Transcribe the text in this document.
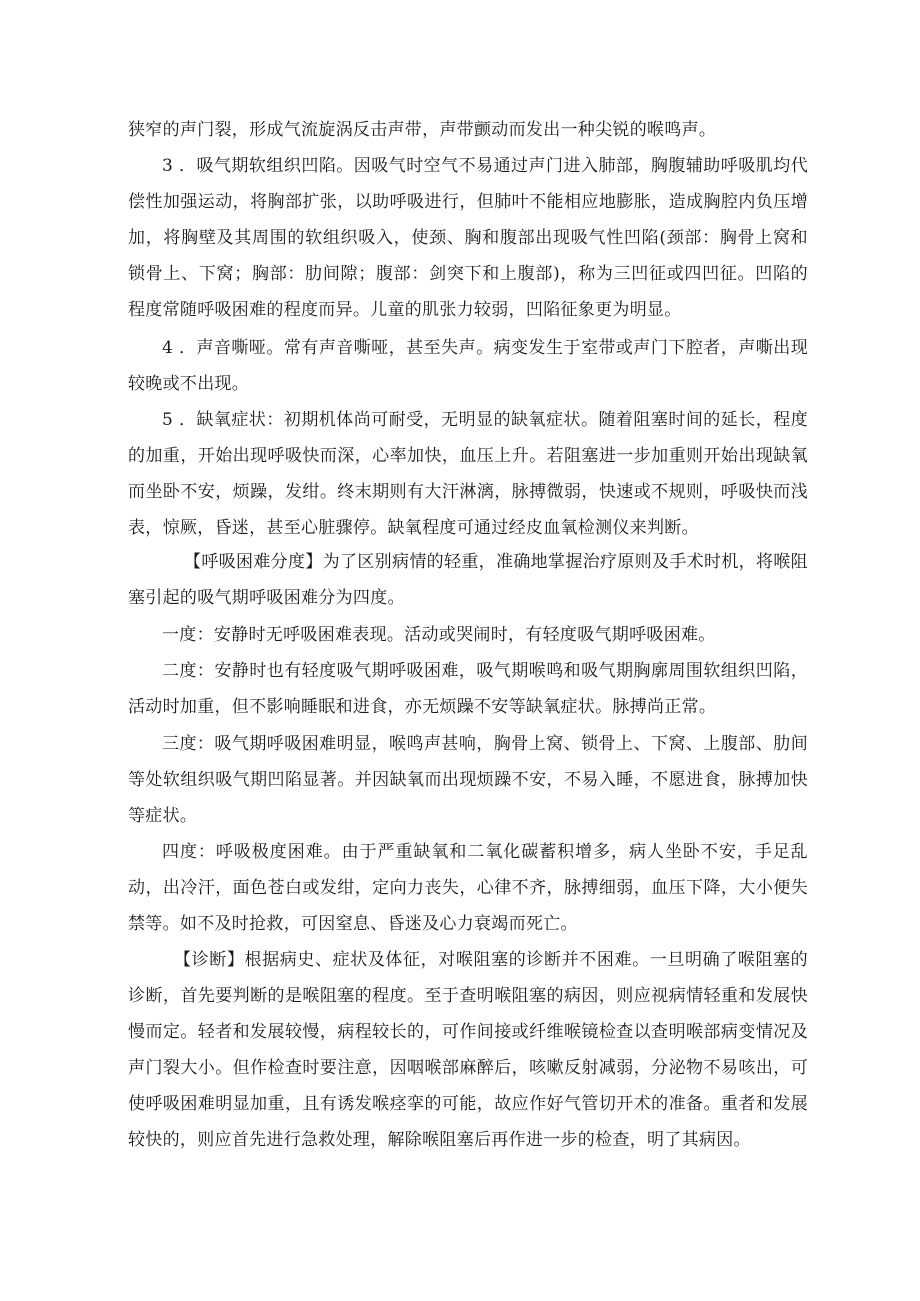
狭窄的声门裂，形成气流旋涡反击声带，声带颤动而发出一种尖锐的喉鸣声。

3 ．吸气期软组织凹陷。因吸气时空气不易通过声门进入肺部，胸腹辅助呼吸肌均代偿性加强运动，将胸部扩张，以助呼吸进行，但肺叶不能相应地膨胀，造成胸腔内负压增加，将胸壁及其周围的软组织吸入，使颈、胸和腹部出现吸气性凹陷(颈部：胸骨上窝和锁骨上、下窝；胸部：肋间隙；腹部：剑突下和上腹部)，称为三凹征或四凹征。凹陷的程度常随呼吸困难的程度而异。儿童的肌张力较弱，凹陷征象更为明显。

4 ．声音嘶哑。常有声音嘶哑，甚至失声。病变发生于室带或声门下腔者，声嘶出现较晚或不出现。

5 ．缺氧症状：初期机体尚可耐受，无明显的缺氧症状。随着阻塞时间的延长，程度的加重，开始出现呼吸快而深，心率加快，血压上升。若阻塞进一步加重则开始出现缺氧而坐卧不安，烦躁，发绀。终末期则有大汗淋漓，脉搏微弱，快速或不规则，呼吸快而浅表，惊厥，昏迷，甚至心脏骤停。缺氧程度可通过经皮血氧检测仪来判断。

【呼吸困难分度】为了区别病情的轻重，准确地掌握治疗原则及手术时机，将喉阻塞引起的吸气期呼吸困难分为四度。

一度：安静时无呼吸困难表现。活动或哭闹时，有轻度吸气期呼吸困难。

二度：安静时也有轻度吸气期呼吸困难，吸气期喉鸣和吸气期胸廓周围软组织凹陷，活动时加重，但不影响睡眠和进食，亦无烦躁不安等缺氧症状。脉搏尚正常。

三度：吸气期呼吸困难明显，喉鸣声甚响，胸骨上窝、锁骨上、下窝、上腹部、肋间等处软组织吸气期凹陷显著。并因缺氧而出现烦躁不安，不易入睡，不愿进食，脉搏加快等症状。

四度：呼吸极度困难。由于严重缺氧和二氧化碳蓄积增多，病人坐卧不安，手足乱动，出冷汗，面色苍白或发绀，定向力丧失，心律不齐，脉搏细弱，血压下降，大小便失禁等。如不及时抢救，可因窒息、昏迷及心力衰竭而死亡。

【诊断】根据病史、症状及体征，对喉阻塞的诊断并不困难。一旦明确了喉阻塞的诊断，首先要判断的是喉阻塞的程度。至于查明喉阻塞的病因，则应视病情轻重和发展快慢而定。轻者和发展较慢，病程较长的，可作间接或纤维喉镜检查以查明喉部病变情况及声门裂大小。但作检查时要注意，因咽喉部麻醉后，咳嗽反射减弱，分泌物不易咳出，可使呼吸困难明显加重，且有诱发喉痉挛的可能，故应作好气管切开术的准备。重者和发展较快的，则应首先进行急救处理，解除喉阻塞后再作进一步的检查，明了其病因。
